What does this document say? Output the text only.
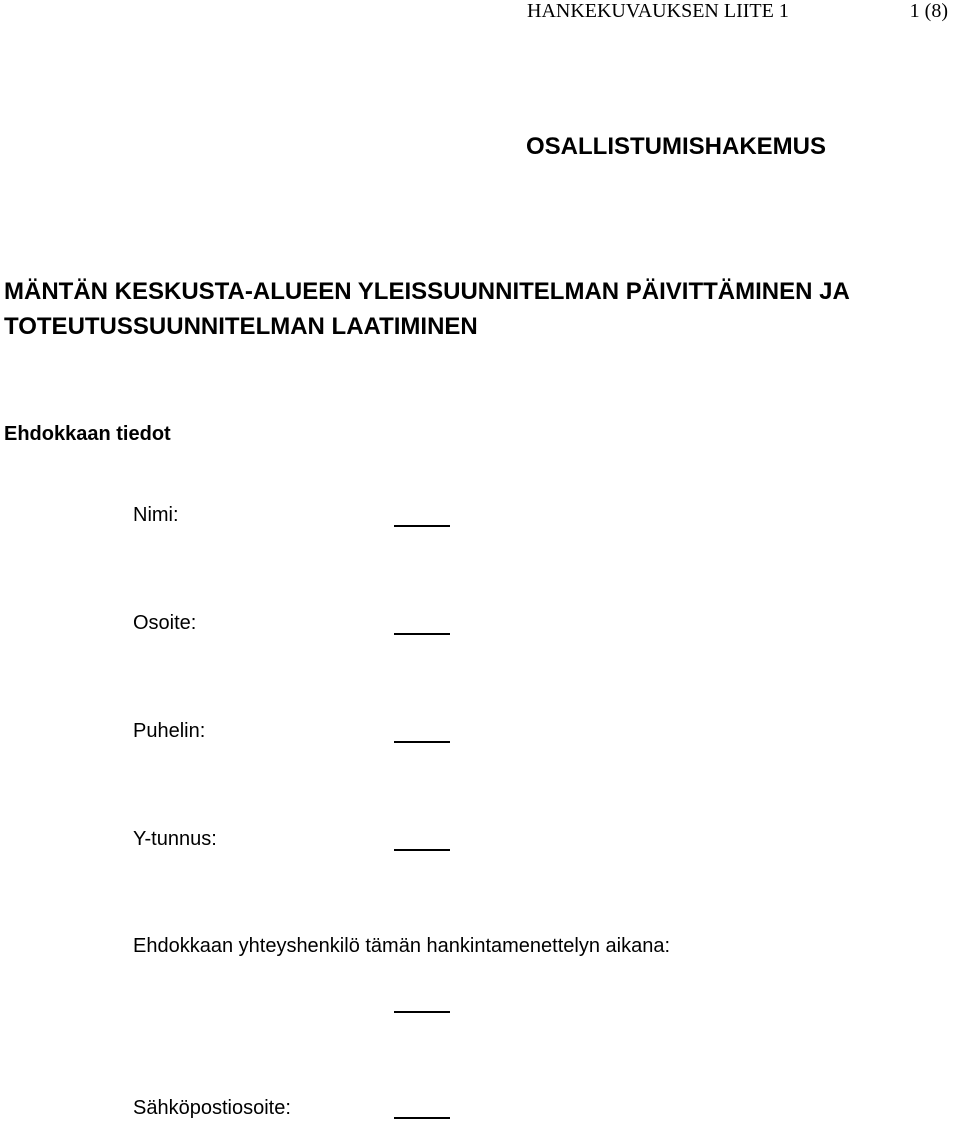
HANKEKUVAUKSEN LIITE 1	1 (8)
OSALLISTUMISHAKEMUS
MÄNTÄN KESKUSTA-ALUEEN YLEISSUUNNITELMAN PÄIVITTÄMINEN JA TOTEUTUSSUUNNITELMAN LAATIMINEN
Ehdokkaan tiedot
Nimi:
Osoite:
Puhelin:
Y-tunnus:
Ehdokkaan yhteyshenkilö tämän hankintamenettelyn aikana:
Sähköpostiosoite:
